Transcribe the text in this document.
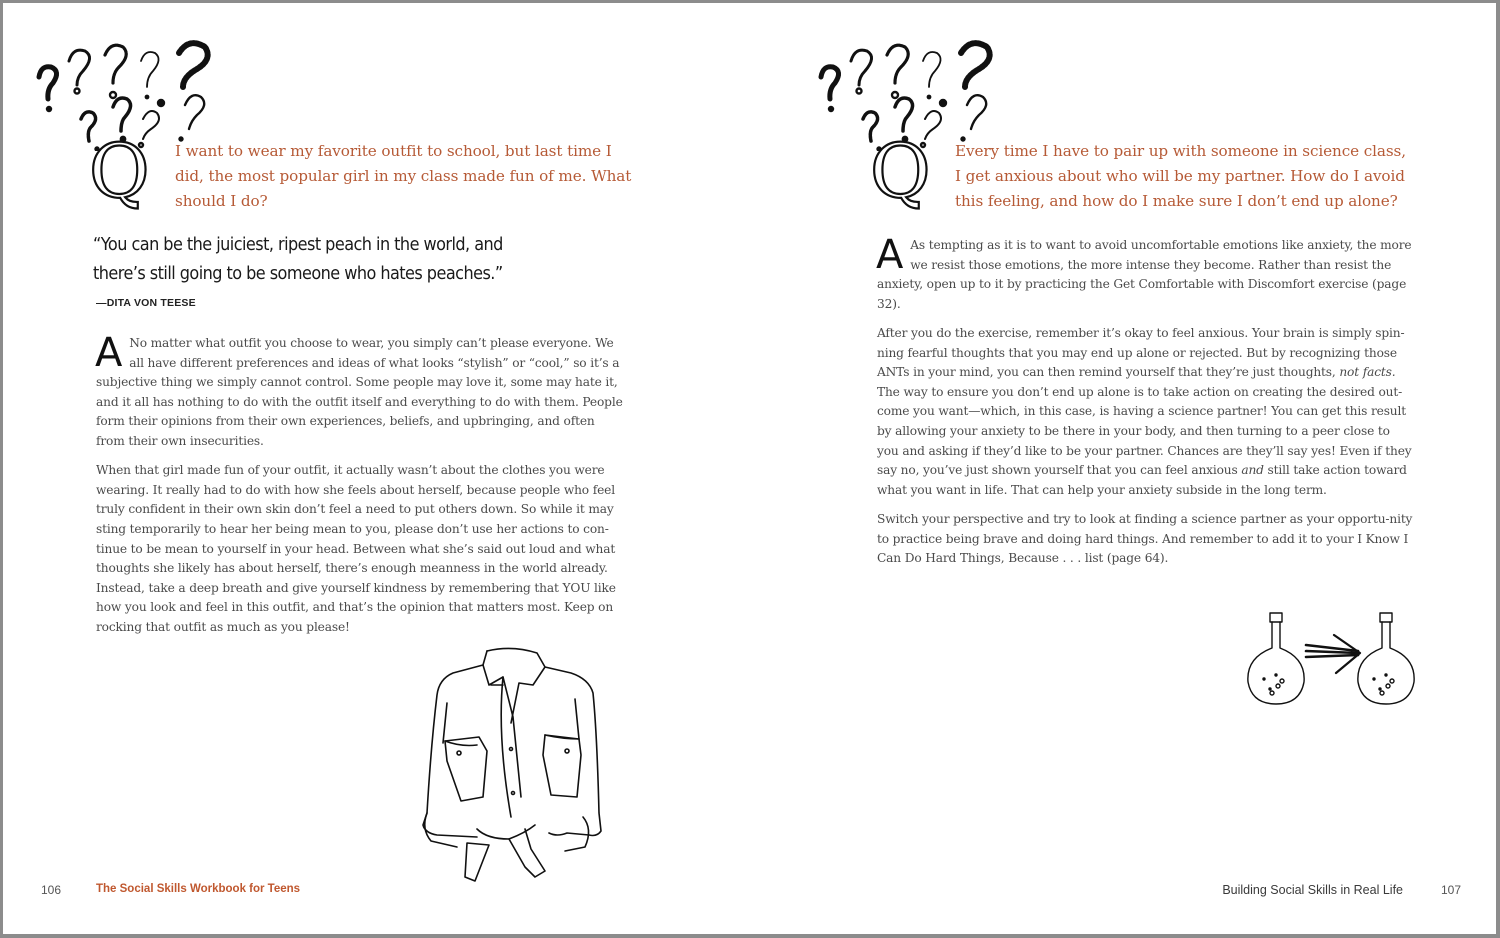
Q I want to wear my favorite outfit to school, but last time I
did, the most popular girl in my class made fun of me. What
should I do?
“You can be the juiciest, ripest peach in the world, and
there’s still going to be someone who hates peaches.”
—DITA VON TEESE

A No matter what outfit you choose to wear, you simply can’t please everyone. We all have different preferences and ideas of what looks “stylish” or “cool,” so it’s a subjective thing we simply cannot control. Some people may love it, some may hate it, and it all has nothing to do with the outfit itself and everything to do with them. People form their opinions from their own experiences, beliefs, and upbringing, and often from their own insecurities.

When that girl made fun of your outfit, it actually wasn’t about the clothes you were wearing. It really had to do with how she feels about herself, because people who feel truly confident in their own skin don’t feel a need to put others down. So while it may sting temporarily to hear her being mean to you, please don’t use her actions to con-tinue to be mean to yourself in your head. Between what she’s said out loud and what thoughts she likely has about herself, there’s enough meanness in the world already. Instead, take a deep breath and give yourself kindness by remembering that YOU like how you look and feel in this outfit, and that’s the opinion that matters most. Keep on rocking that outfit as much as you please!

106	The Social Skills Workbook for Teens
Q Every time I have to pair up with someone in science class,
I get anxious about who will be my partner. How do I avoid
this feeling, and how do I make sure I don’t end up alone?

A As tempting as it is to want to avoid uncomfortable emotions like anxiety, the more we resist those emotions, the more intense they become. Rather than resist the anxiety, open up to it by practicing the Get Comfortable with Discomfort exercise (page 32).

After you do the exercise, remember it’s okay to feel anxious. Your brain is simply spin-ning fearful thoughts that you may end up alone or rejected. But by recognizing those ANTs in your mind, you can then remind yourself that they’re just thoughts, not facts. The way to ensure you don’t end up alone is to take action on creating the desired out-come you want—which, in this case, is having a science partner! You can get this result by allowing your anxiety to be there in your body, and then turning to a peer close to you and asking if they’d like to be your partner. Chances are they’ll say yes! Even if they say no, you’ve just shown yourself that you can feel anxious and still take action toward what you want in life. That can help your anxiety subside in the long term.

Switch your perspective and try to look at finding a science partner as your opportu-nity to practice being brave and doing hard things. And remember to add it to your I Know I Can Do Hard Things, Because . . . list (page 64).

Building Social Skills in Real Life	107
